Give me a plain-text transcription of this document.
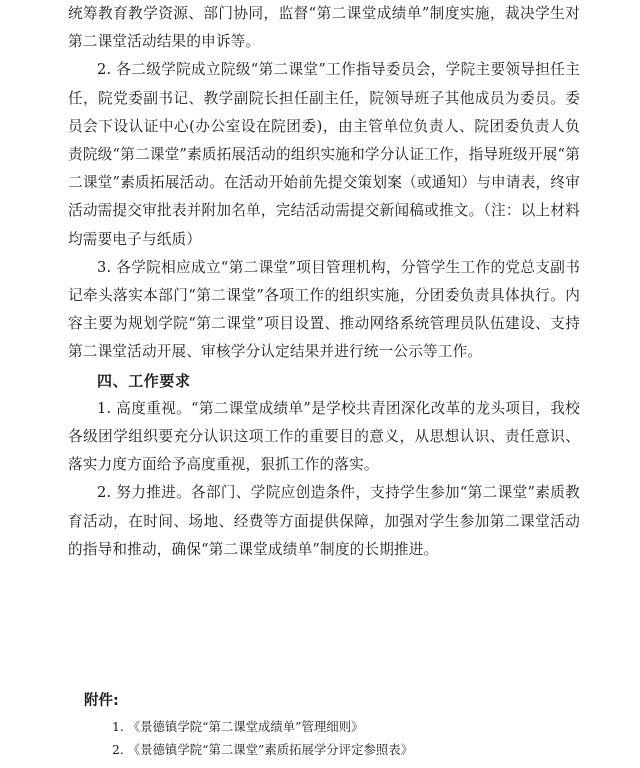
统筹教育教学资源、部门协同，监督“第二课堂成绩单”制度实施，裁决学生对第二课堂活动结果的申诉等。

2. 各二级学院成立院级“第二课堂”工作指导委员会，学院主要领导担任主任，院党委副书记、教学副院长担任副主任，院领导班子其他成员为委员。委员会下设认证中心(办公室设在院团委)，由主管单位负责人、院团委负责人负责院级“第二课堂”素质拓展活动的组织实施和学分认证工作，指导班级开展“第二课堂”素质拓展活动。在活动开始前先提交策划案（或通知）与申请表，终审活动需提交审批表并附加名单，完结活动需提交新闻稿或推文。（注：以上材料均需要电子与纸质）

3. 各学院相应成立“第二课堂”项目管理机构，分管学生工作的党总支副书记牵头落实本部门“第二课堂”各项工作的组织实施，分团委负责具体执行。内容主要为规划学院“第二课堂”项目设置、推动网络系统管理员队伍建设、支持第二课堂活动开展、审核学分认定结果并进行统一公示等工作。

四、工作要求

1. 高度重视。“第二课堂成绩单”是学校共青团深化改革的龙头项目，我校各级团学组织要充分认识这项工作的重要目的意义，从思想认识、责任意识、落实力度方面给予高度重视，狠抓工作的落实。

2. 努力推进。各部门、学院应创造条件，支持学生参加“第二课堂”素质教育活动，在时间、场地、经费等方面提供保障，加强对学生参加第二课堂活动的指导和推动，确保“第二课堂成绩单”制度的长期推进。

附件:
1. 《景德镇学院“第二课堂成绩单”管理细则》
2. 《景德镇学院“第二课堂”素质拓展学分评定参照表》
